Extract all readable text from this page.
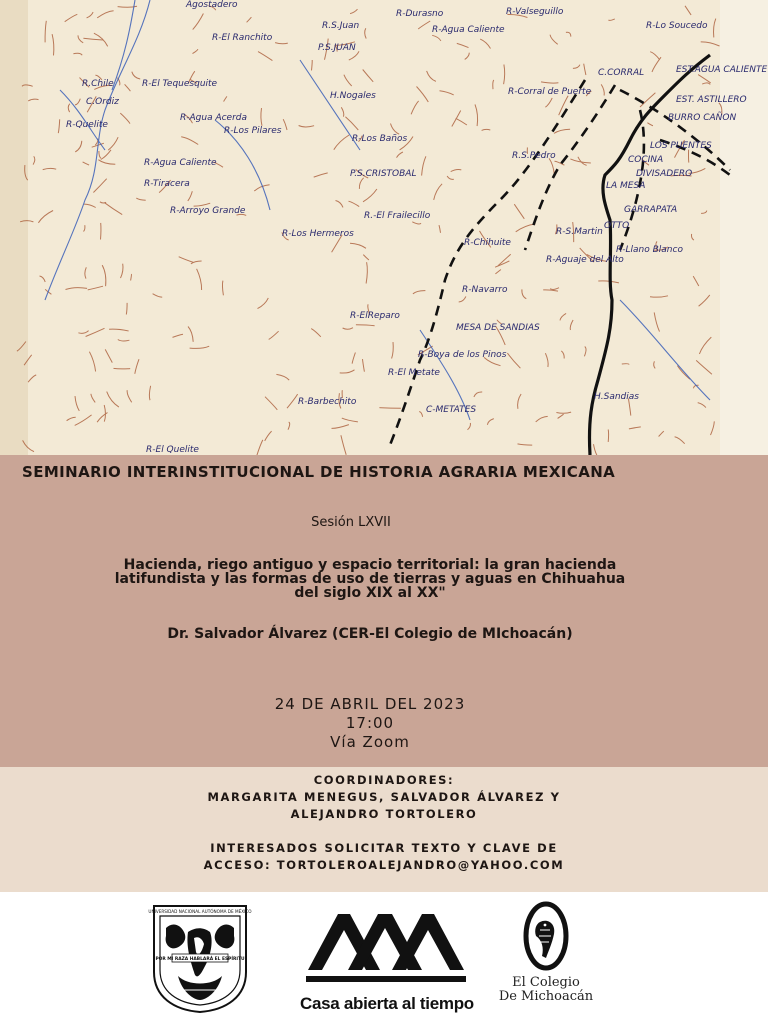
Agostadero
R-El Ranchito
R.S.Juan
P.S.JUAN
R-Durasno
R-Agua Caliente
R-Valseguillo
R-Lo Soucedo
R-El Tequesquite
R.Chile
C.Ordiz
H.Nogales
R-Quelite
R-Agua Acerda
R-Los Pilares
R-Los Baños
C.CORRAL
R-Corral de Puerte
R-Agua Caliente
R-Tiracera
P.S.CRISTOBAL
R.S.Pedro
R-Arroyo Grande	R.-El Frailecillo
R-Los Hermeros
R-Chihuite
R-S.Martin
R-Llano Blanco
R-Aguaje del Alto
R-Navarro
R-ElReparo
MESA DE SANDIAS
R-Boya de los Pinos
R-El Metate
R-Barbechito
C-METATES
H.Sandias
R-El Quelite
EST.AGUA CALIENTE
EST. ASTILLERO
BURRO CAÑON
LOS PUENTES
COCINA
DIVISADERO
LA MESA
GARRAPATA
OTTO
SEMINARIO INTERINSTITUCIONAL DE HISTORIA AGRARIA MEXICANA
Sesión LXVII
Hacienda, riego antiguo y espacio territorial: la gran hacienda
latifundista y las formas de uso de tierras y aguas en Chihuahua
del siglo XIX al XX"
Dr. Salvador Álvarez (CER-El Colegio de MIchoacán)
24 DE ABRIL DEL 2023
17:00
Vía Zoom

COORDINADORES:

MARGARITA MENEGUS, SALVADOR ÁLVAREZ Y

ALEJANDRO TORTOLERO

INTERESADOS SOLICITAR TEXTO Y CLAVE DE

ACCESO: TORTOLEROALEJANDRO@YAHOO.COM

UNIVERSIDAD NACIONAL AUTÓNOMA DE MÉXICO
POR MI RAZA HABLARÁ EL ESPÍRITU
Casa abierta al tiempo
El Colegio
De Michoacán
